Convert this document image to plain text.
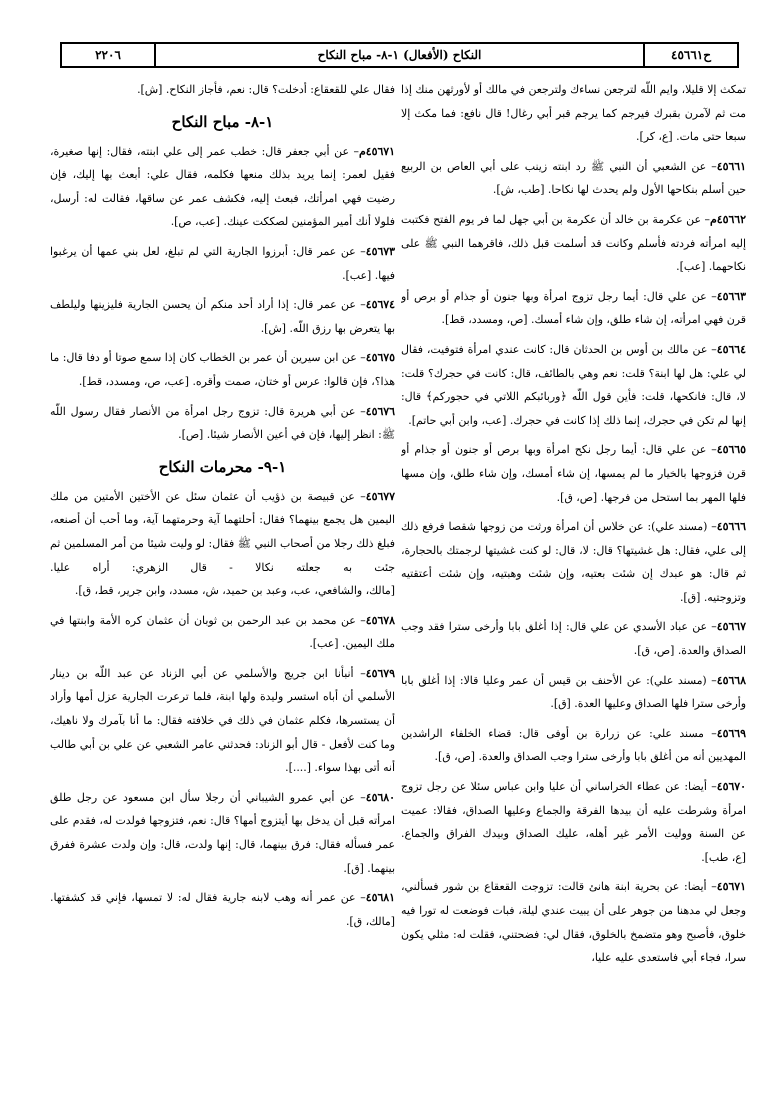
ح٤٥٦٦١
النكاح (الأفعال) ١-٨- مباح النكاح
٢٢٠٦

تمكث إلا قليلا، وايم اللّه لترجعن نساءك ولترجعن في مالك أو لأورثهن منك إذا مت ثم لآمرن بقبرك فيرجم كما يرجم قبر أبي رغال! قال نافع: فما مكث إلا سبعا حتى مات. [ع، كر].

٤٥٦٦١– عن الشعبي أن النبي ﷺ رد ابنته زينب على أبي العاص بن الربيع حين أسلم بنكاحها الأول ولم يحدث لها نكاحا. [طب، ش].

٤٥٦٦٢م– عن عكرمة بن خالد أن عكرمة بن أبي جهل لما فر يوم الفتح فكتبت إليه امرأته فردته فأسلم وكانت قد أسلمت قبل ذلك، فاقرهما النبي ﷺ على نكاحهما. [عب].

٤٥٦٦٣– عن علي قال: أيما رجل تزوج امرأة وبها جنون أو جذام أو برص أو قرن فهي امرأته، إن شاء طلق، وإن شاء أمسك. [ص، ومسدد، قط].

٤٥٦٦٤– عن مالك بن أوس بن الحدثان قال: كانت عندي امرأة فتوفيت، فقال لي علي: هل لها ابنة؟ قلت: نعم وهي بالطائف، قال: كانت في حجرك؟ قلت: لا، قال: فانكحها، قلت: فأين قول اللّه ﴿وربائبكم اللاتي في حجوركم﴾ قال: إنها لم تكن في حجرك، إنما ذلك إذا كانت في حجرك. [عب، وابن أبي حاتم].

٤٥٦٦٥– عن علي قال: أيما رجل نكح امرأة وبها برص أو جنون أو جذام أو قرن فزوجها بالخيار ما لم يمسها، إن شاء أمسك، وإن شاء طلق، وإن مسها فلها المهر بما استحل من فرجها. [ص، ق].

٤٥٦٦٦– (مسند علي): عن خلاس أن امرأة ورثت من زوجها شقصا فرفع ذلك إلى علي، فقال: هل غشيتها؟ قال: لا، قال: لو كنت غشيتها لرجمتك بالحجارة، ثم قال: هو عبدك إن شئت بعتيه، وإن شئت وهبتيه، وإن شئت أعتقتيه وتزوجتيه. [ق].

٤٥٦٦٧– عن عباد الأسدي عن علي قال: إذا أغلق بابا وأرخى سترا فقد وجب الصداق والعدة. [ص، ق].

٤٥٦٦٨– (مسند علي): عن الأحنف بن قيس أن عمر وعليا قالا: إذا أغلق بابا وأرخى سترا فلها الصداق وعليها العدة. [ق].

٤٥٦٦٩– مسند علي: عن زرارة بن أوفى قال: قضاء الخلفاء الراشدين المهديين أنه من أغلق بابا وأرخى سترا وجب الصداق والعدة. [ص، ق].

٤٥٦٧٠– أيضا: عن عطاء الخراساني أن عليا وابن عباس سئلا عن رجل تزوج امرأة وشرطت عليه أن بيدها الفرقة والجماع وعليها الصداق، فقالا: عميت عن السنة ووليت الأمر غير أهله، عليك الصداق وبيدك الفراق والجماع. [ع، طب].

٤٥٦٧١– أيضا: عن بحرية ابنة هانئ قالت: تزوجت القعقاع بن شور فسألني، وجعل لي مدهنا من جوهر على أن يبيت عندي ليلة، فبات فوضعت له تورا فيه خلوق، فأصبح وهو متضمخ بالخلوق، فقال لي: فضحتني، فقلت له: مثلي يكون سرا، فجاء أبي فاستعدى عليه عليا،

فقال علي للقعقاع: أدخلت؟ قال: نعم، فأجاز النكاح. [ش].

١-٨- مباح النكاح

٤٥٦٧١م– عن أبي جعفر قال: خطب عمر إلى علي ابنته، فقال: إنها صغيرة، فقيل لعمر: إنما يريد بذلك منعها فكلمه، فقال علي: أبعث بها إليك، فإن رضيت فهي امرأتك، فبعث إليه، فكشف عمر عن ساقها، فقالت له: أرسل، فلولا أنك أمير المؤمنين لصككت عينك. [عب، ص].

٤٥٦٧٣– عن عمر قال: أبرزوا الجارية التي لم تبلغ، لعل بني عمها أن يرغبوا فيها. [عب].

٤٥٦٧٤– عن عمر قال: إذا أراد أحد منكم أن يحسن الجارية فليزينها وليلطف بها يتعرض بها رزق اللّه. [ش].

٤٥٦٧٥– عن ابن سيرين أن عمر بن الخطاب كان إذا سمع صوتا أو دفا قال: ما هذا؟، فإن قالوا: عرس أو ختان، صمت وأقره. [عب، ص، ومسدد، قط].

٤٥٦٧٦– عن أبي هريرة قال: تزوج رجل امرأة من الأنصار فقال رسول اللّه ﷺ: انظر إليها، فإن في أعين الأنصار شيئا. [ص].

١-٩- محرمات النكاح

٤٥٦٧٧– عن قبيصة بن ذؤيب أن عثمان سئل عن الأختين الأمتين من ملك اليمين هل يجمع بينهما؟ فقال: أحلتهما آية وحرمتهما آية، وما أحب أن أصنعه، فبلغ ذلك رجلا من أصحاب النبي ﷺ فقال: لو وليت شيئا من أمر المسلمين ثم جئت به جعلته نكالا - قال الزهري: أراه عليا. [مالك، والشافعي، عب، وعبد بن حميد، ش، مسدد، وابن جرير، قط، ق].

٤٥٦٧٨– عن محمد بن عبد الرحمن بن ثوبان أن عثمان كره الأمة وابنتها في ملك اليمين. [عب].

٤٥٦٧٩– أنبأنا ابن جريج والأسلمي عن أبي الزناد عن عبد اللّه بن دينار الأسلمي أن أباه استسر وليدة ولها ابنة، فلما ترعرت الجارية عزل أمها وأراد أن يستسرها، فكلم عثمان في ذلك في خلافته فقال: ما أنا بآمرك ولا ناهيك، وما كنت لأفعل - قال أبو الزناد: فحدثني عامر الشعبي عن علي بن أبي طالب أنه أتى بهذا سواء. [....].

٤٥٦٨٠– عن أبي عمرو الشيباني أن رجلا سأل ابن مسعود عن رجل طلق امرأته قبل أن يدخل بها أيتزوج أمها؟ قال: نعم، فتزوجها فولدت له، فقدم على عمر فسأله فقال: فرق بينهما، قال: إنها ولدت، قال: وإن ولدت عشرة ففرق بينهما. [ق].

٤٥٦٨١– عن عمر أنه وهب لابنه جارية فقال له: لا تمسها، فإني قد كشفتها. [مالك، ق].
